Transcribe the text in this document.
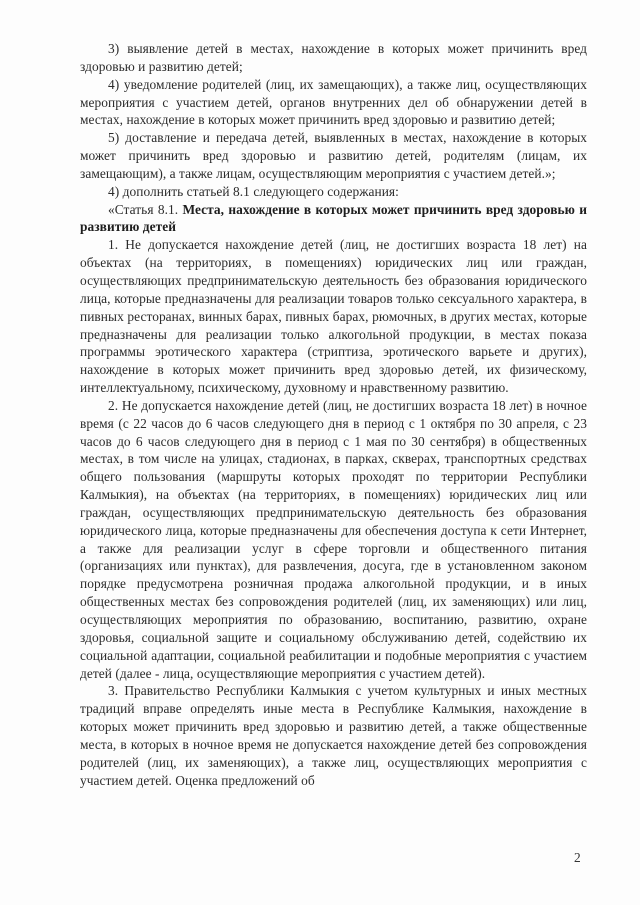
3) выявление детей в местах, нахождение в которых может причинить вред здоровью и развитию детей;

4) уведомление родителей (лиц, их замещающих), а также лиц, осуществляющих мероприятия с участием детей, органов внутренних дел об обнаружении детей в местах, нахождение в которых может причинить вред здоровью и развитию детей;

5) доставление и передача детей, выявленных в местах, нахождение в которых может причинить вред здоровью и развитию детей, родителям (лицам, их замещающим), а также лицам, осуществляющим мероприятия с участием детей.»;

4) дополнить статьей 8.1 следующего содержания:

«Статья 8.1. Места, нахождение в которых может причинить вред здоровью и развитию детей

1. Не допускается нахождение детей (лиц, не достигших возраста 18 лет) на объектах (на территориях, в помещениях) юридических лиц или граждан, осуществляющих предпринимательскую деятельность без образования юридического лица, которые предназначены для реализации товаров только сексуального характера, в пивных ресторанах, винных барах, пивных барах, рюмочных, в других местах, которые предназначены для реализации только алкогольной продукции, в местах показа программы эротического характера (стриптиза, эротического варьете и других), нахождение в которых может причинить вред здоровью детей, их физическому, интеллектуальному, психическому, духовному и нравственному развитию.

2. Не допускается нахождение детей (лиц, не достигших возраста 18 лет) в ночное время (с 22 часов до 6 часов следующего дня в период с 1 октября по 30 апреля, с 23 часов до 6 часов следующего дня в период с 1 мая по 30 сентября) в общественных местах, в том числе на улицах, стадионах, в парках, скверах, транспортных средствах общего пользования (маршруты которых проходят по территории Республики Калмыкия), на объектах (на территориях, в помещениях) юридических лиц или граждан, осуществляющих предпринимательскую деятельность без образования юридического лица, которые предназначены для обеспечения доступа к сети Интернет, а также для реализации услуг в сфере торговли и общественного питания (организациях или пунктах), для развлечения, досуга, где в установленном законом порядке предусмотрена розничная продажа алкогольной продукции, и в иных общественных местах без сопровождения родителей (лиц, их заменяющих) или лиц, осуществляющих мероприятия по образованию, воспитанию, развитию, охране здоровья, социальной защите и социальному обслуживанию детей, содействию их социальной адаптации, социальной реабилитации и подобные мероприятия с участием детей (далее - лица, осуществляющие мероприятия с участием детей).

3. Правительство Республики Калмыкия с учетом культурных и иных местных традиций вправе определять иные места в Республике Калмыкия, нахождение в которых может причинить вред здоровью и развитию детей, а также общественные места, в которых в ночное время не допускается нахождение детей без сопровождения родителей (лиц, их заменяющих), а также лиц, осуществляющих мероприятия с участием детей. Оценка предложений об

2
